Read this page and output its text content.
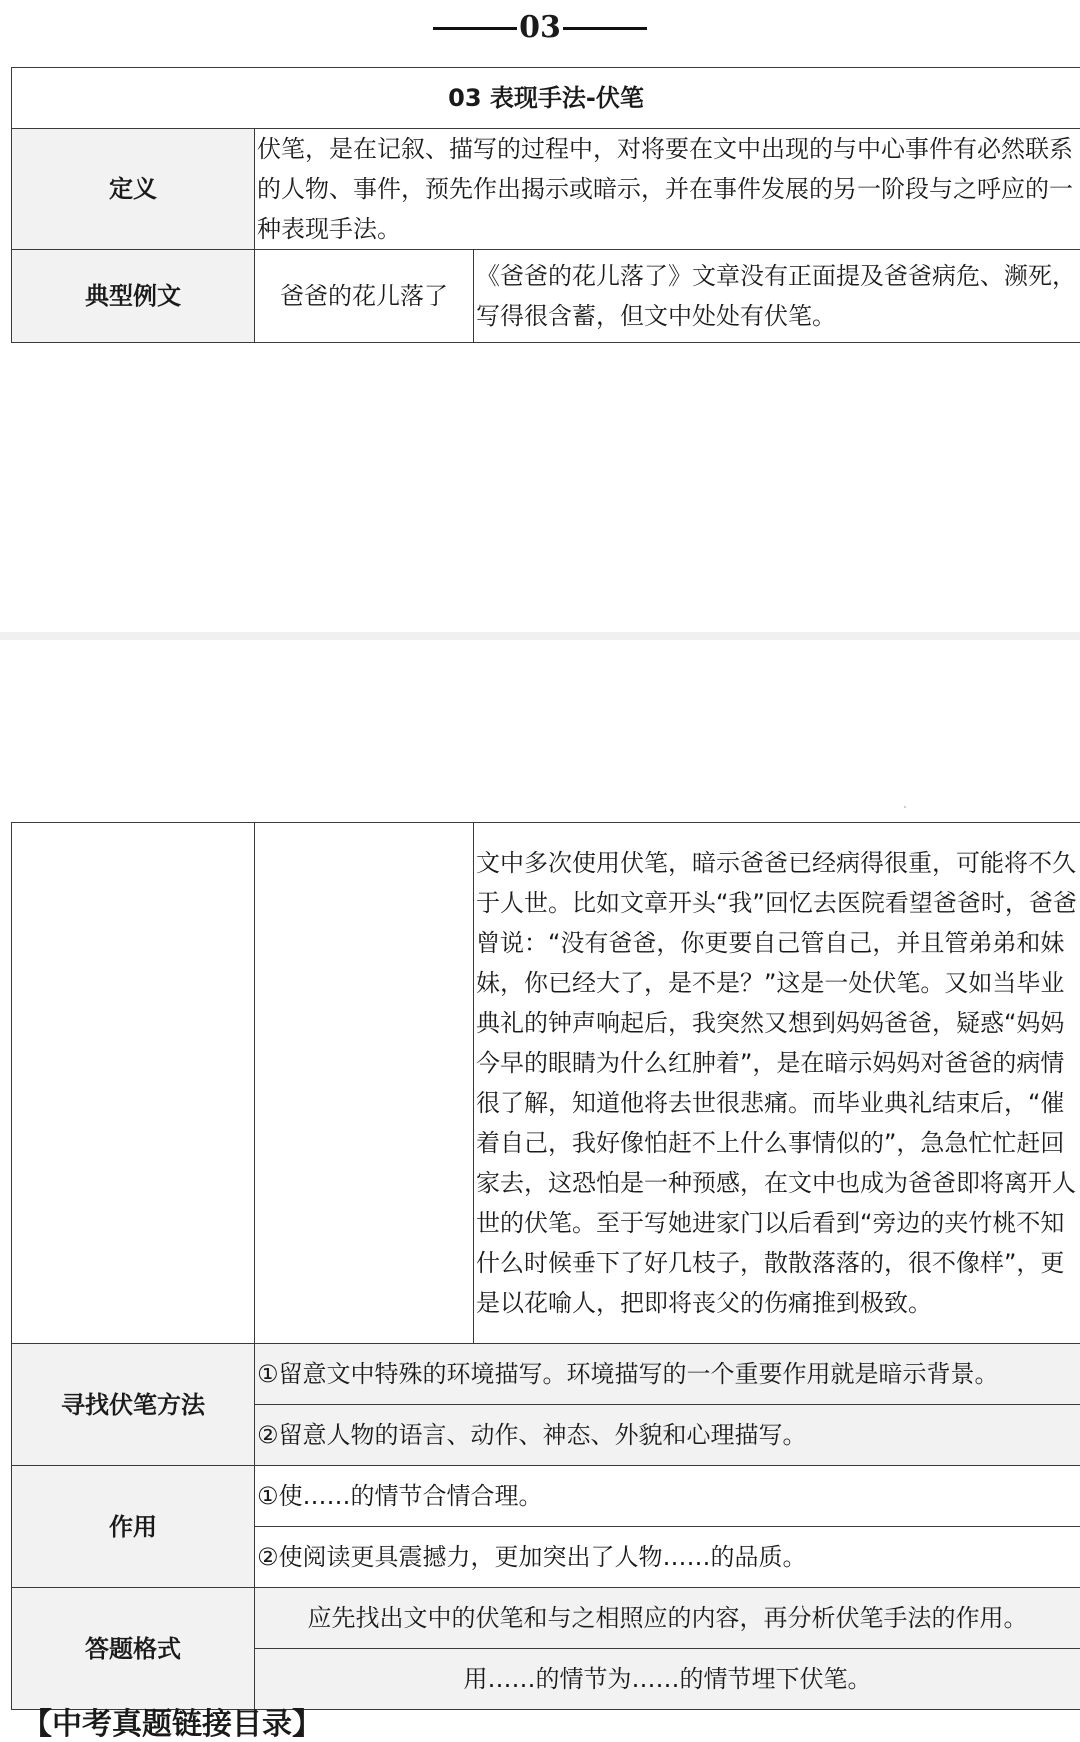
03
03 表现手法-伏笔		
定义	伏笔，是在记叙、描写的过程中，对将要在文中出现的与中心事件有必然联系的人物、事件，预先作出揭示或暗示，并在事件发展的另一阶段与之呼应的一种表现手法。	
典型例文	爸爸的花儿落了	《爸爸的花儿落了》文章没有正面提及爸爸病危、濒死，写得很含蓄，但文中处处有伏笔。
		文中多次使用伏笔，暗示爸爸已经病得很重，可能将不久于人世。比如文章开头“我”回忆去医院看望爸爸时，爸爸曾说：“没有爸爸，你更要自己管自己，并且管弟弟和妹妹，你已经大了，是不是？”这是一处伏笔。又如当毕业典礼的钟声响起后，我突然又想到妈妈爸爸，疑惑“妈妈今早的眼睛为什么红肿着”，是在暗示妈妈对爸爸的病情很了解，知道他将去世很悲痛。而毕业典礼结束后，“催着自己，我好像怕赶不上什么事情似的”，急急忙忙赶回家去，这恐怕是一种预感，在文中也成为爸爸即将离开人世的伏笔。至于写她进家门以后看到“旁边的夹竹桃不知什么时候垂下了好几枝子，散散落落的，很不像样”，更是以花喻人，把即将丧父的伤痛推到极致。
寻找伏笔方法	①留意文中特殊的环境描写。环境描写的一个重要作用就是暗示背景。	
	②留意人物的语言、动作、神态、外貌和心理描写。	
作用	①使……的情节合情合理。	
	②使阅读更具震撼力，更加突出了人物……的品质。	
答题格式	应先找出文中的伏笔和与之相照应的内容，再分析伏笔手法的作用。	
	用……的情节为……的情节埋下伏笔。	
【中考真题链接目录】
